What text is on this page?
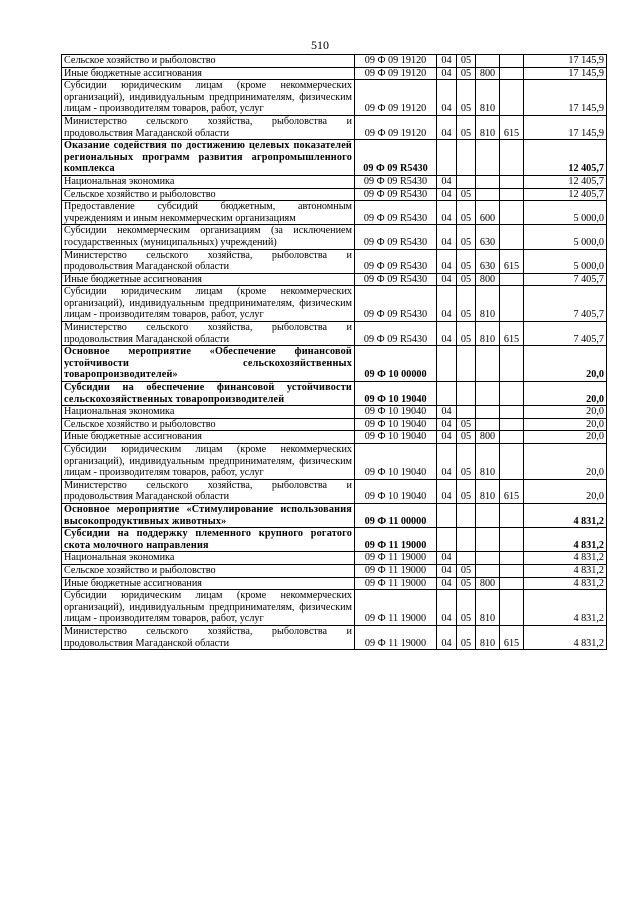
510
Сельское хозяйство и рыболовство	09 Ф 09 19120	04	05			17 145,9
Иные бюджетные ассигнования	09 Ф 09 19120	04	05	800		17 145,9
Субсидии юридическим лицам (кроме некоммерческих организаций), индивидуальным предпринимателям, физическим лицам - производителям товаров, работ, услуг	09 Ф 09 19120	04	05	810		17 145,9
Министерство сельского хозяйства, рыболовства и продовольствия Магаданской области	09 Ф 09 19120	04	05	810	615	17 145,9
Оказание содействия по достижению целевых показателей региональных программ развития агропромышленного комплекса	09 Ф 09 R5430					12 405,7
Национальная экономика	09 Ф 09 R5430	04				12 405,7
Сельское хозяйство и рыболовство	09 Ф 09 R5430	04	05			12 405,7
Предоставление субсидий бюджетным, автономным учреждениям и иным некоммерческим организациям	09 Ф 09 R5430	04	05	600		5 000,0
Субсидии некоммерческим организациям (за исключением государственных (муниципальных) учреждений)	09 Ф 09 R5430	04	05	630		5 000,0
Министерство сельского хозяйства, рыболовства и продовольствия Магаданской области	09 Ф 09 R5430	04	05	630	615	5 000,0
Иные бюджетные ассигнования	09 Ф 09 R5430	04	05	800		7 405,7
Субсидии юридическим лицам (кроме некоммерческих организаций), индивидуальным предпринимателям, физическим лицам - производителям товаров, работ, услуг	09 Ф 09 R5430	04	05	810		7 405,7
Министерство сельского хозяйства, рыболовства и продовольствия Магаданской области	09 Ф 09 R5430	04	05	810	615	7 405,7
Основное мероприятие «Обеспечение финансовой устойчивости сельскохозяйственных товаропроизводителей»	09 Ф 10 00000					20,0
Субсидии на обеспечение финансовой устойчивости сельскохозяйственных товаропроизводителей	09 Ф 10 19040					20,0
Национальная экономика	09 Ф 10 19040	04				20,0
Сельское хозяйство и рыболовство	09 Ф 10 19040	04	05			20,0
Иные бюджетные ассигнования	09 Ф 10 19040	04	05	800		20,0
Субсидии юридическим лицам (кроме некоммерческих организаций), индивидуальным предпринимателям, физическим лицам - производителям товаров, работ, услуг	09 Ф 10 19040	04	05	810		20,0
Министерство сельского хозяйства, рыболовства и продовольствия Магаданской области	09 Ф 10 19040	04	05	810	615	20,0
Основное мероприятие «Стимулирование использования высокопродуктивных животных»	09 Ф 11 00000					4 831,2
Субсидии на поддержку племенного крупного рогатого скота молочного направления	09 Ф 11 19000					4 831,2
Национальная экономика	09 Ф 11 19000	04				4 831,2
Сельское хозяйство и рыболовство	09 Ф 11 19000	04	05			4 831,2
Иные бюджетные ассигнования	09 Ф 11 19000	04	05	800		4 831,2
Субсидии юридическим лицам (кроме некоммерческих организаций), индивидуальным предпринимателям, физическим лицам - производителям товаров, работ, услуг	09 Ф 11 19000	04	05	810		4 831,2
Министерство сельского хозяйства, рыболовства и продовольствия Магаданской области	09 Ф 11 19000	04	05	810	615	4 831,2
